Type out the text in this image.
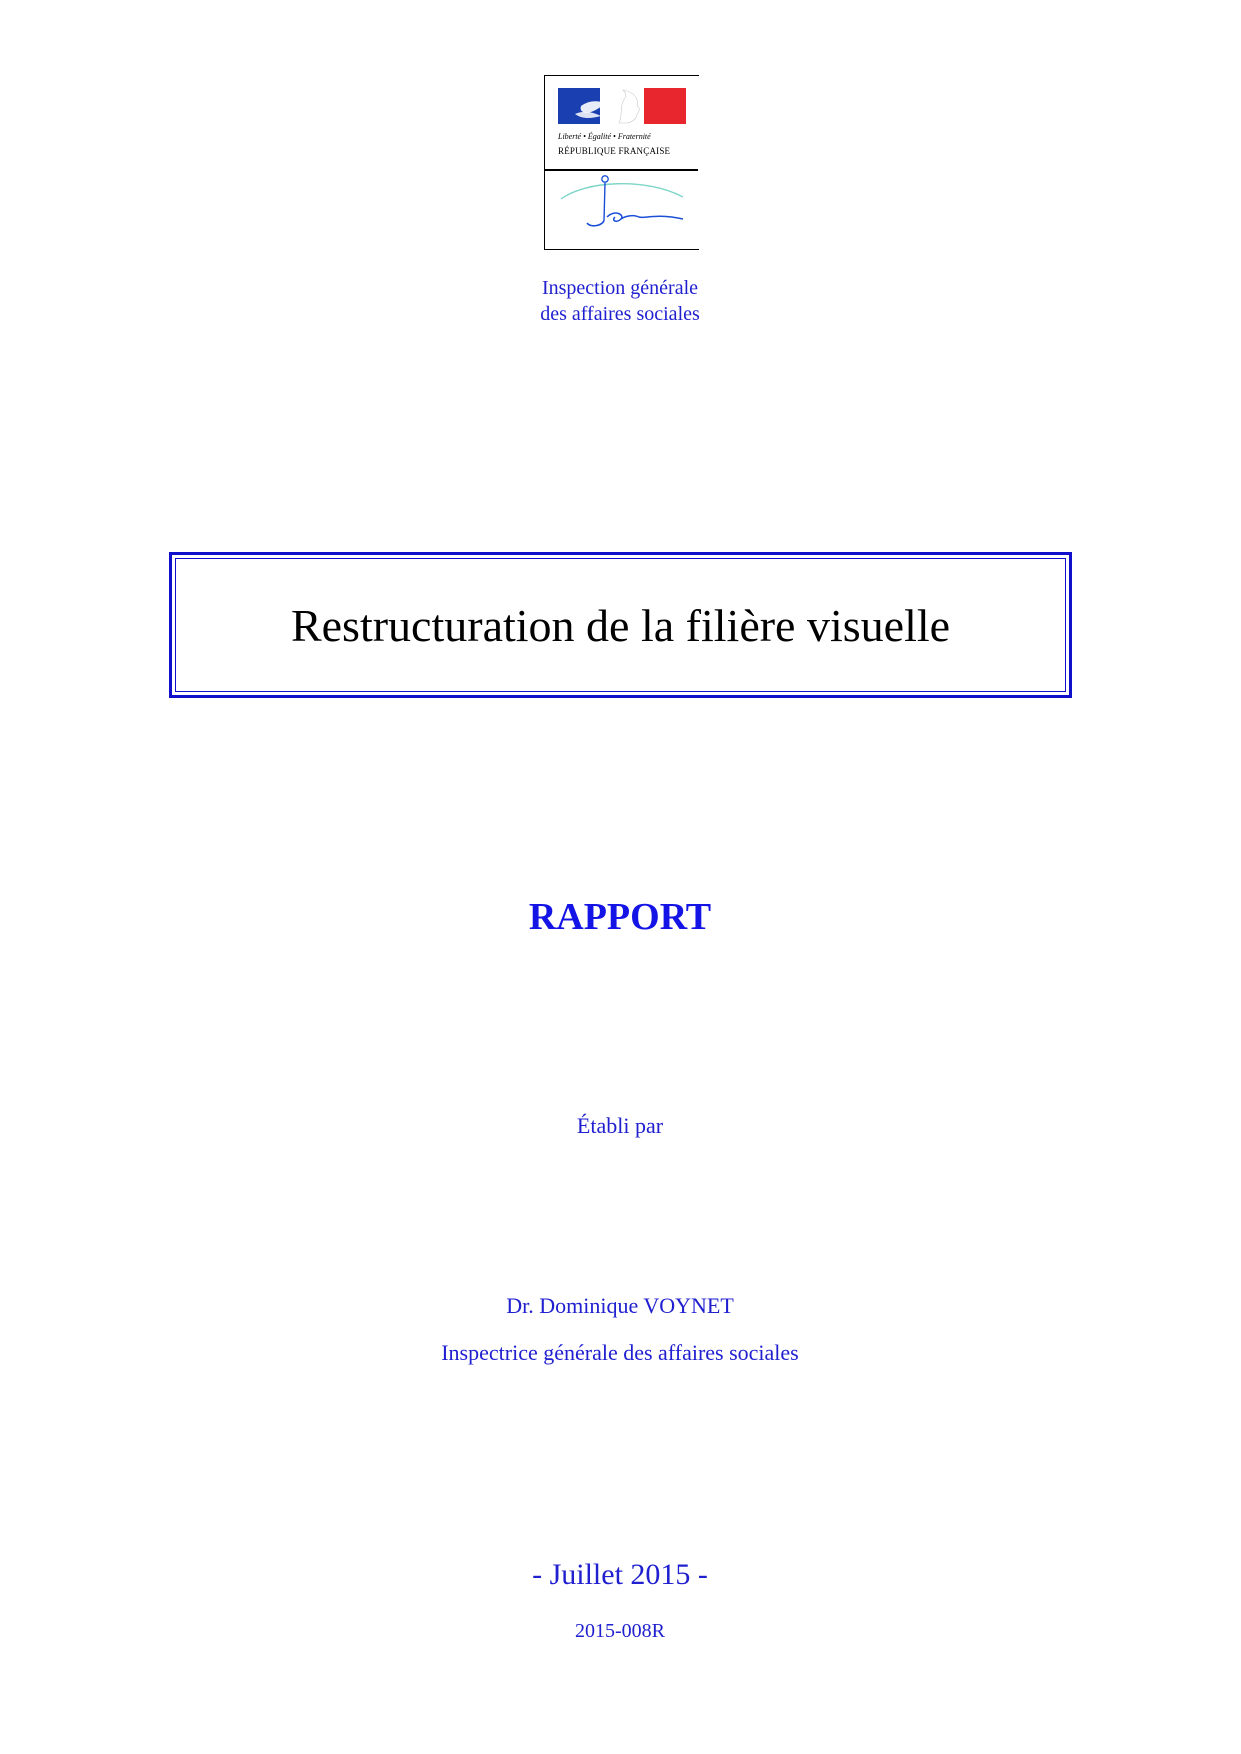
Liberté • Égalité • Fraternité
RÉPUBLIQUE FRANÇAISE
Inspection générale
des affaires sociales
Restructuration de la filière visuelle
RAPPORT
Établi par
Dr. Dominique VOYNET
Inspectrice générale des affaires sociales
- Juillet 2015 -
2015-008R
